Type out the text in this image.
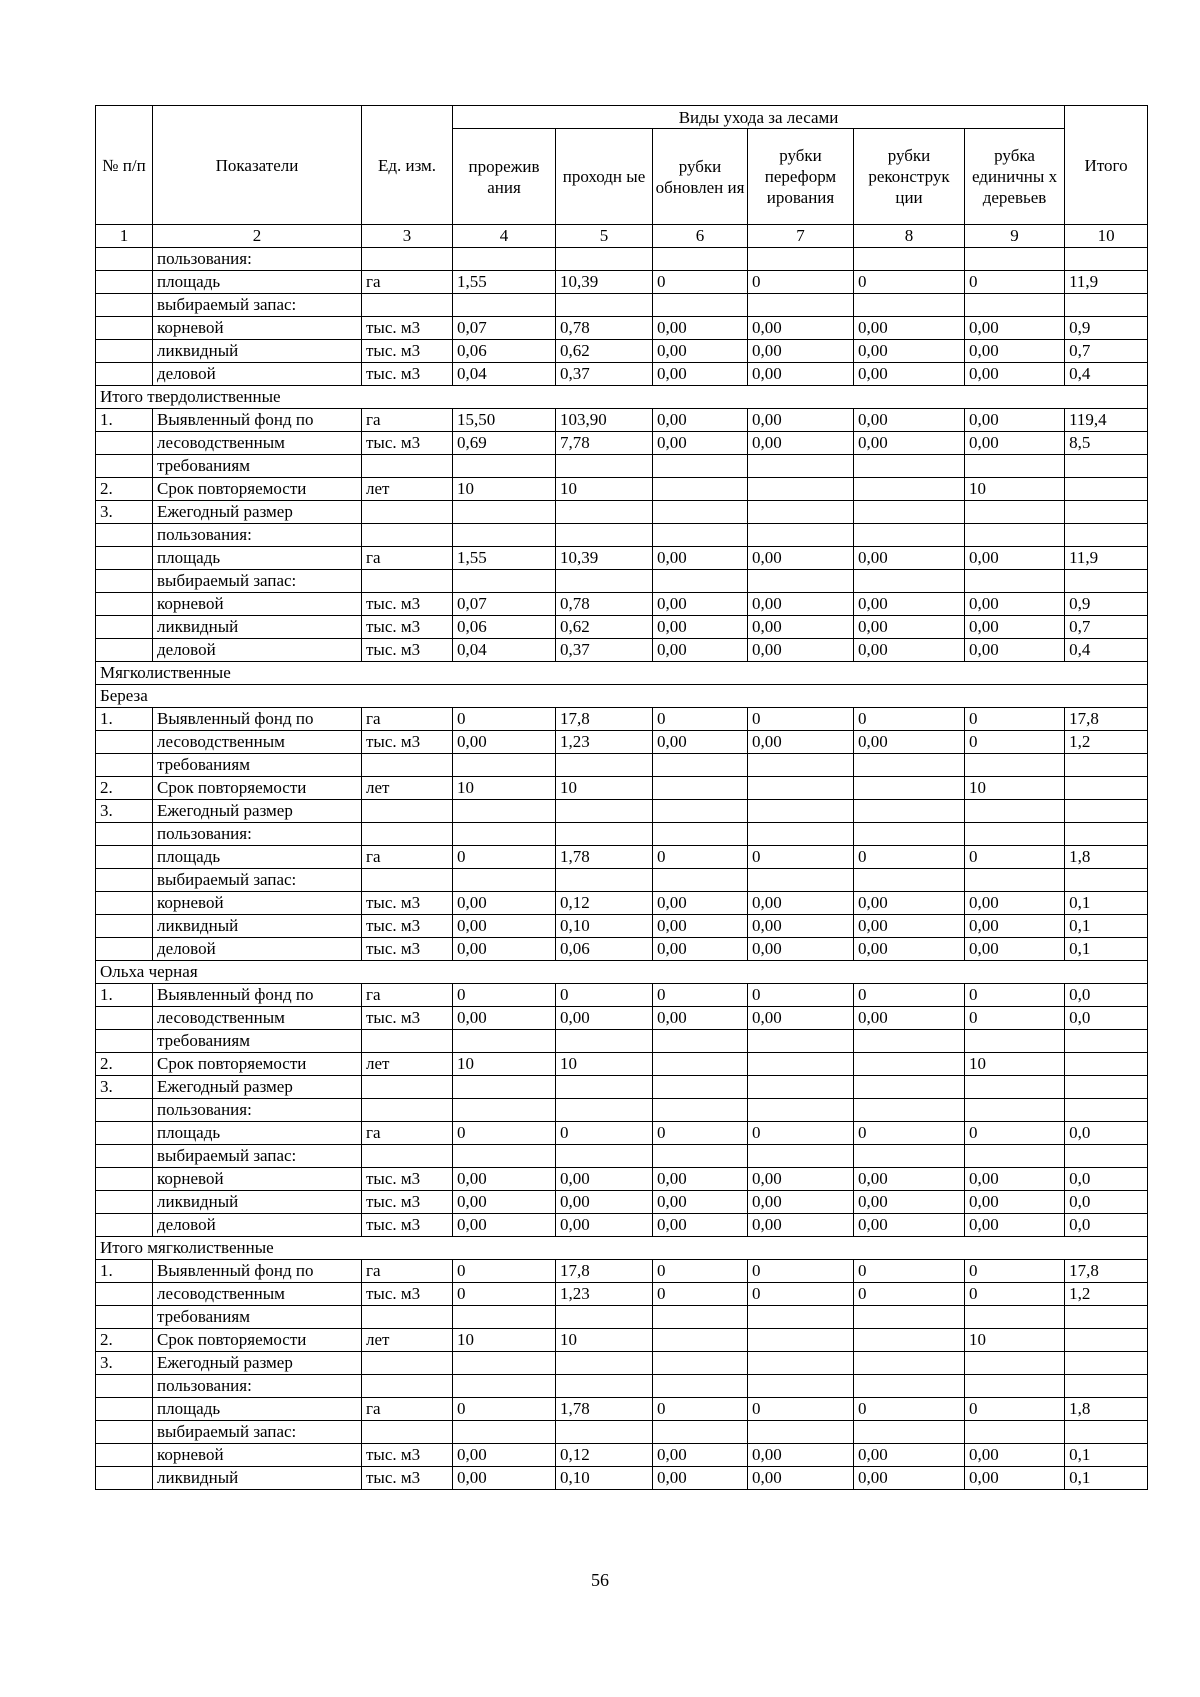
№ п/п	Показатели	Ед. изм.	Виды ухода за лесами						Итого
			прорежив ания	проходн ые	рубки обновлен ия	рубки переформ ирования	рубки реконструк ции	рубка единичны х деревьев	
1	2	3	4	5	6	7	8	9	10
	пользования:								
	площадь	га	1,55	10,39	0	0	0	0	11,9
	выбираемый запас:								
	корневой	тыс. м3	0,07	0,78	0,00	0,00	0,00	0,00	0,9
	ликвидный	тыс. м3	0,06	0,62	0,00	0,00	0,00	0,00	0,7
	деловой	тыс. м3	0,04	0,37	0,00	0,00	0,00	0,00	0,4
Итого твердолиственные									
1.	Выявленный фонд по	га	15,50	103,90	0,00	0,00	0,00	0,00	119,4
	лесоводственным	тыс. м3	0,69	7,78	0,00	0,00	0,00	0,00	8,5
	требованиям								
2.	Срок повторяемости	лет	10	10				10	
3.	Ежегодный размер								
	пользования:								
	площадь	га	1,55	10,39	0,00	0,00	0,00	0,00	11,9
	выбираемый запас:								
	корневой	тыс. м3	0,07	0,78	0,00	0,00	0,00	0,00	0,9
	ликвидный	тыс. м3	0,06	0,62	0,00	0,00	0,00	0,00	0,7
	деловой	тыс. м3	0,04	0,37	0,00	0,00	0,00	0,00	0,4
Мягколиственные									
Береза									
1.	Выявленный фонд по	га	0	17,8	0	0	0	0	17,8
	лесоводственным	тыс. м3	0,00	1,23	0,00	0,00	0,00	0	1,2
	требованиям								
2.	Срок повторяемости	лет	10	10				10	
3.	Ежегодный размер								
	пользования:								
	площадь	га	0	1,78	0	0	0	0	1,8
	выбираемый запас:								
	корневой	тыс. м3	0,00	0,12	0,00	0,00	0,00	0,00	0,1
	ликвидный	тыс. м3	0,00	0,10	0,00	0,00	0,00	0,00	0,1
	деловой	тыс. м3	0,00	0,06	0,00	0,00	0,00	0,00	0,1
Ольха черная									
1.	Выявленный фонд по	га	0	0	0	0	0	0	0,0
	лесоводственным	тыс. м3	0,00	0,00	0,00	0,00	0,00	0	0,0
	требованиям								
2.	Срок повторяемости	лет	10	10				10	
3.	Ежегодный размер								
	пользования:								
	площадь	га	0	0	0	0	0	0	0,0
	выбираемый запас:								
	корневой	тыс. м3	0,00	0,00	0,00	0,00	0,00	0,00	0,0
	ликвидный	тыс. м3	0,00	0,00	0,00	0,00	0,00	0,00	0,0
	деловой	тыс. м3	0,00	0,00	0,00	0,00	0,00	0,00	0,0
Итого мягколиственные									
1.	Выявленный фонд по	га	0	17,8	0	0	0	0	17,8
	лесоводственным	тыс. м3	0	1,23	0	0	0	0	1,2
	требованиям								
2.	Срок повторяемости	лет	10	10				10	
3.	Ежегодный размер								
	пользования:								
	площадь	га	0	1,78	0	0	0	0	1,8
	выбираемый запас:								
	корневой	тыс. м3	0,00	0,12	0,00	0,00	0,00	0,00	0,1
	ликвидный	тыс. м3	0,00	0,10	0,00	0,00	0,00	0,00	0,1
56
